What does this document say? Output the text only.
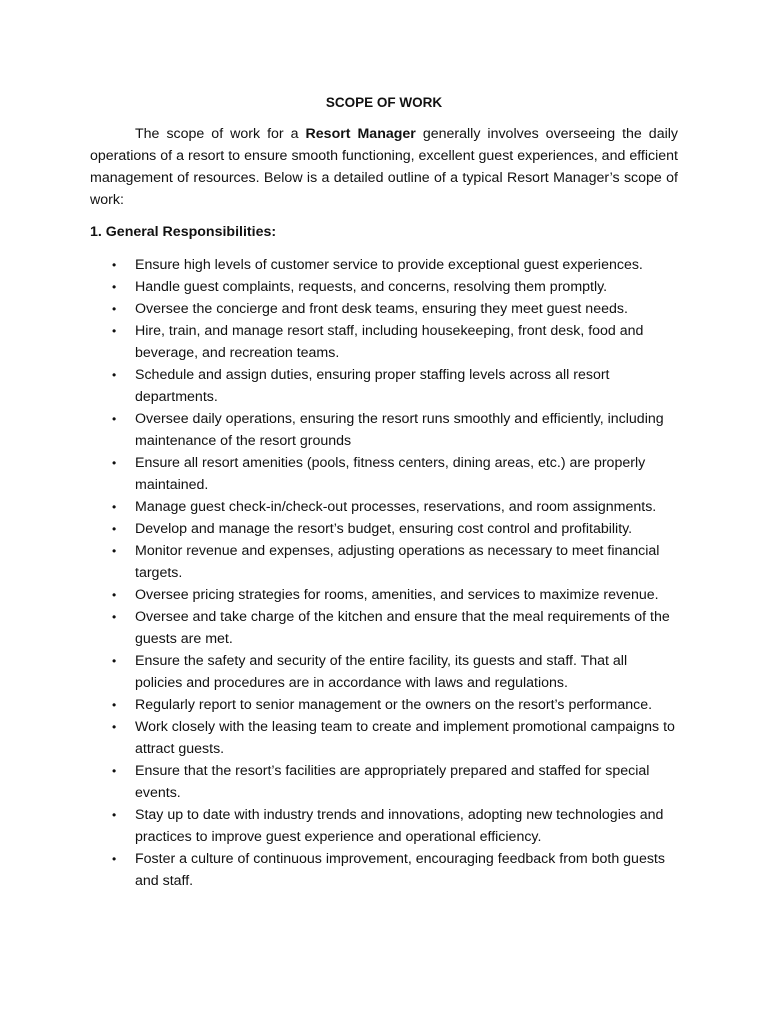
SCOPE OF WORK

The scope of work for a Resort Manager generally involves overseeing the daily operations of a resort to ensure smooth functioning, excellent guest experiences, and efficient management of resources. Below is a detailed outline of a typical Resort Manager’s scope of work:

1. General Responsibilities:
• Ensure high levels of customer service to provide exceptional guest experiences.
• Handle guest complaints, requests, and concerns, resolving them promptly.
• Oversee the concierge and front desk teams, ensuring they meet guest needs.
• Hire, train, and manage resort staff, including housekeeping, front desk, food and beverage, and recreation teams.
• Schedule and assign duties, ensuring proper staffing levels across all resort departments.
• Oversee daily operations, ensuring the resort runs smoothly and efficiently, including maintenance of the resort grounds
• Ensure all resort amenities (pools, fitness centers, dining areas, etc.) are properly maintained.
• Manage guest check-in/check-out processes, reservations, and room assignments.
• Develop and manage the resort’s budget, ensuring cost control and profitability.
• Monitor revenue and expenses, adjusting operations as necessary to meet financial targets.
• Oversee pricing strategies for rooms, amenities, and services to maximize revenue.
• Oversee and take charge of the kitchen and ensure that the meal requirements of the guests are met.
• Ensure the safety and security of the entire facility, its guests and staff. That all policies and procedures are in accordance with laws and regulations.
• Regularly report to senior management or the owners on the resort’s performance.
• Work closely with the leasing team to create and implement promotional campaigns to attract guests.
• Ensure that the resort’s facilities are appropriately prepared and staffed for special events.
• Stay up to date with industry trends and innovations, adopting new technologies and practices to improve guest experience and operational efficiency.
• Foster a culture of continuous improvement, encouraging feedback from both guests and staff.
